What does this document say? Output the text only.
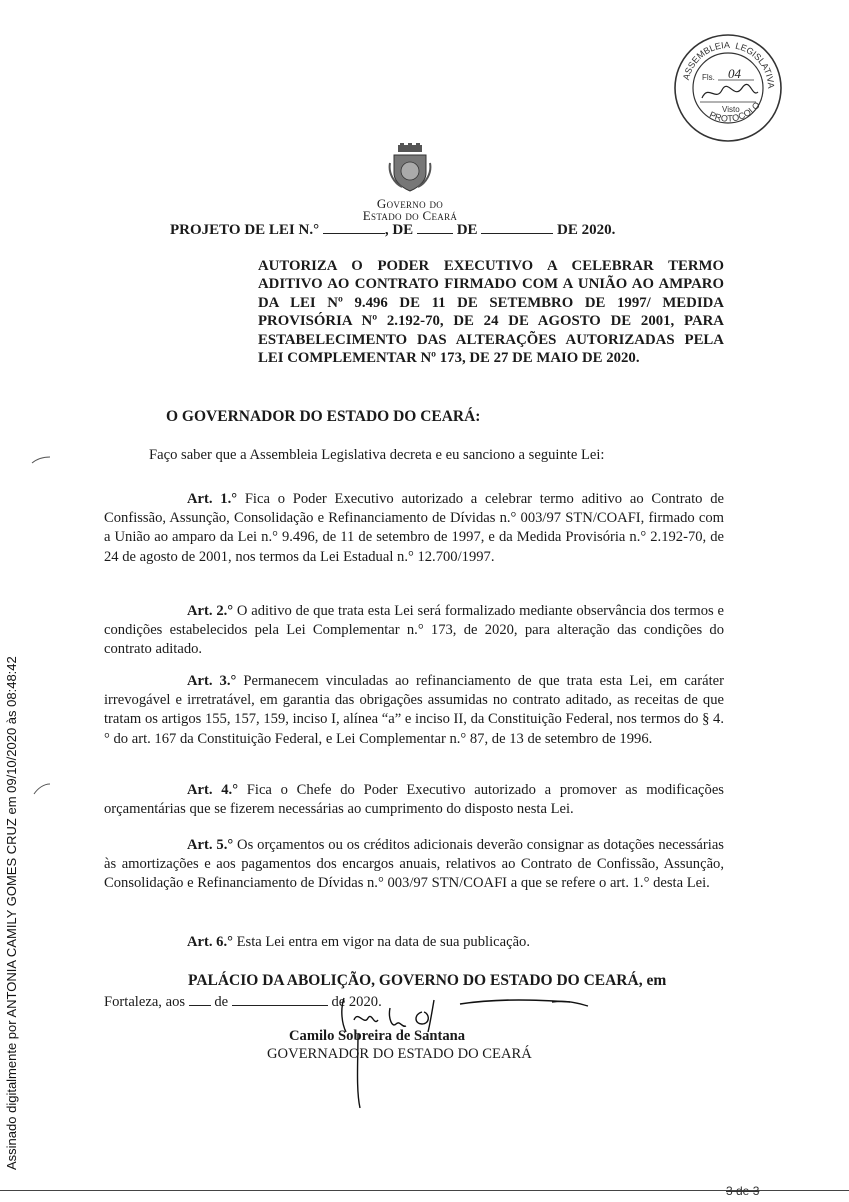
ASSEMBLEIA LEGISLATIVA
PROTOCOLO
Fls. 04
Visto
Governo do
Estado do Ceará
PROJETO DE LEI N.°	, DE	DE	DE 2020.
AUTORIZA O PODER EXECUTIVO A CELEBRAR TERMO ADITIVO AO CONTRATO FIRMADO COM A UNIÃO AO AMPARO DA LEI Nº 9.496 DE 11 DE SETEMBRO DE 1997/ MEDIDA PROVISÓRIA Nº 2.192-70, DE 24 DE AGOSTO DE 2001, PARA ESTABELECIMENTO DAS ALTERAÇÕES AUTORIZADAS PELA LEI COMPLEMENTAR Nº 173, DE 27 DE MAIO DE 2020.
O GOVERNADOR DO ESTADO DO CEARÁ:
Faço saber que a Assembleia Legislativa decreta e eu sanciono a seguinte Lei:
Art. 1.° Fica o Poder Executivo autorizado a celebrar termo aditivo ao Contrato de Confissão, Assunção, Consolidação e Refinanciamento de Dívidas n.° 003/97 STN/COAFI, firmado com a União ao amparo da Lei n.° 9.496, de 11 de setembro de 1997, e da Medida Provisória n.° 2.192-70, de 24 de agosto de 2001, nos termos da Lei Estadual n.° 12.700/1997.
Art. 2.° O aditivo de que trata esta Lei será formalizado mediante observância dos termos e condições estabelecidos pela Lei Complementar n.° 173, de 2020, para alteração das condições do contrato aditado.
Art. 3.° Permanecem vinculadas ao refinanciamento de que trata esta Lei, em caráter irrevogável e irretratável, em garantia das obrigações assumidas no contrato aditado, as receitas de que tratam os artigos 155, 157, 159, inciso I, alínea “a” e inciso II, da Constituição Federal, nos termos do § 4.° do art. 167 da Constituição Federal, e Lei Complementar n.° 87, de 13 de setembro de 1996.
Art. 4.° Fica o Chefe do Poder Executivo autorizado a promover as modificações orçamentárias que se fizerem necessárias ao cumprimento do disposto nesta Lei.
Art. 5.° Os orçamentos ou os créditos adicionais deverão consignar as dotações necessárias às amortizações e aos pagamentos dos encargos anuais, relativos ao Contrato de Confissão, Assunção, Consolidação e Refinanciamento de Dívidas n.° 003/97 STN/COAFI a que se refere o art. 1.° desta Lei.
Art. 6.° Esta Lei entra em vigor na data de sua publicação.
PALÁCIO DA ABOLIÇÃO, GOVERNO DO ESTADO DO CEARÁ, em
Fortaleza, aos de	de 2020.
Camilo Sobreira de Santana
GOVERNADOR DO ESTADO DO CEARÁ
Assinado digitalmente por ANTONIA CAMILY GOMES CRUZ em 09/10/2020 às 08:48:42
3 de 3
